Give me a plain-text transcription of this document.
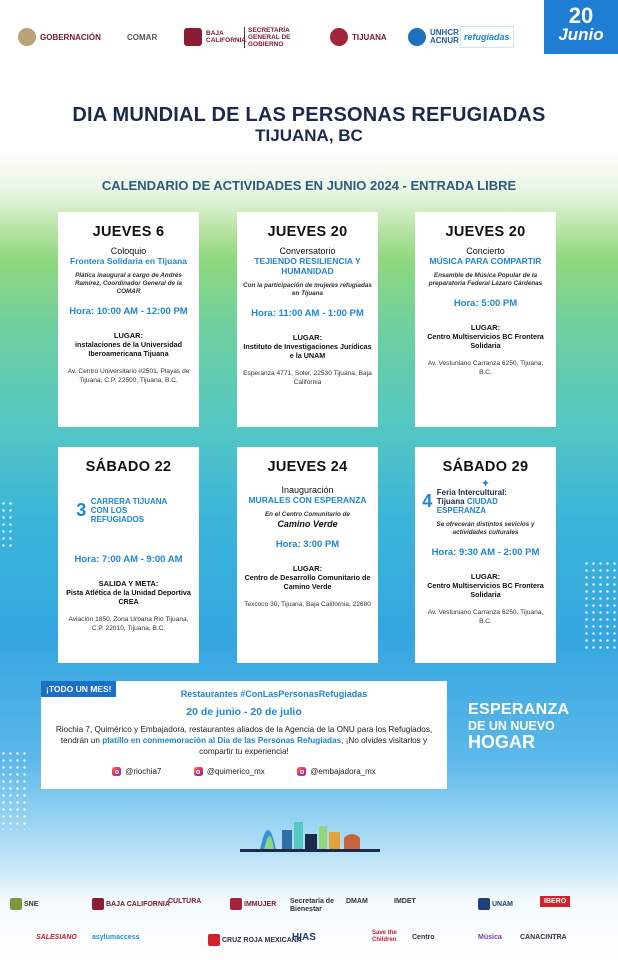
GOBERNACIÓN	COMAR	BAJA CALIFORNIA
SECRETARÍA GENERAL DE GOBIERNO
TIJUANA	UNHCR ACNUR refugiadas
20
Junio
DIA MUNDIAL DE LAS PERSONAS REFUGIADAS
TIJUANA, BC
CALENDARIO DE ACTIVIDADES EN JUNIO 2024 - ENTRADA LIBRE
JUEVES 6
Coloquio
Frontera Solidaria en Tijuana
Plática inaugural a cargo de Andrés Ramírez, Coordinador General de la COMAR
Hora: 10:00 AM - 12:00 PM
LUGAR:
instalaciones de la Universidad Iberoamericana Tijuana
Av. Centro Universitario #2501, Playas de Tijuana, C.P. 22500, Tijuana, B.C.
JUEVES 20
Conversatorio
TEJIENDO RESILIENCIA Y HUMANIDAD
Con la participación de mujeres refugiadas en Tijuana
Hora: 11:00 AM - 1:00 PM
LUGAR:
Instituto de Investigaciones Jurídicas e la UNAM
Esperanza 4771, Soler, 22530 Tijuana, Baja California
JUEVES 20
Concierto
MÚSICA PARA COMPARTIR
Ensamble de Música Popular de la preparatoria Federal Lázaro Cárdenas
Hora: 5:00 PM
LUGAR:
Centro Multiservicios BC Frontera Solidaria
Av. Vestuniano Carranza 6250, Tijuana, B.C.
SÁBADO 22
3 CARRERA TIJUANA CON LOS REFUGIADOS
Hora: 7:00 AM - 9:00 AM
SALIDA Y META:
Pista Atlética de la Unidad Deportiva CREA
Aviación 1850, Zona Urbana Rio Tijuana, C.P. 22010, Tijuana, B.C.
JUEVES 24
Inauguración
MURALES CON ESPERANZA
En el Centro Comunitario de
Camino Verde
Hora: 3:00 PM
LUGAR:
Centro de Desarrollo Comunitario de Camino Verde
Texcoco 30, Tijuana, Baja California, 22680
SÁBADO 29
✦
4 Feria Intercultural:
Tijuana CIUDAD ESPERANZA
Se ofrecerán distintos sevicios y actividades culturales
Hora: 9:30 AM - 2:00 PM
LUGAR:
Centro Multiservicios BC Frontera Solidaria
Av. Vestuniano Carranza 6250, Tijuana, B.C.
¡TODO UN MES!	Restaurantes #ConLasPersonasRefugiadas
20 de junio - 20 de julio
Riochia 7, Quimérico y Embajadora, restaurantes aliados de la Agencia de la ONU para los Refugiados, tendrán un platillo en conmemoración al Día de las Personas Refugiadas, ¡No olvides visitarlos y compartir tu experiencia!
@riochia7	@quimerico_mx	@embajadora_mx
ESPERANZA
DE UN NUEVO
HOGAR
SNE	BAJA CALIFORNIA
CULTURA	IMMUJER Secretaría de Bienestar
DMAM	IMDET	UNAM	IBERO
SALESIANO asylumaccess	CRUZ ROJA MEXICANA
HIAS	Save the Children	Centro	Música	CANACINTRA
